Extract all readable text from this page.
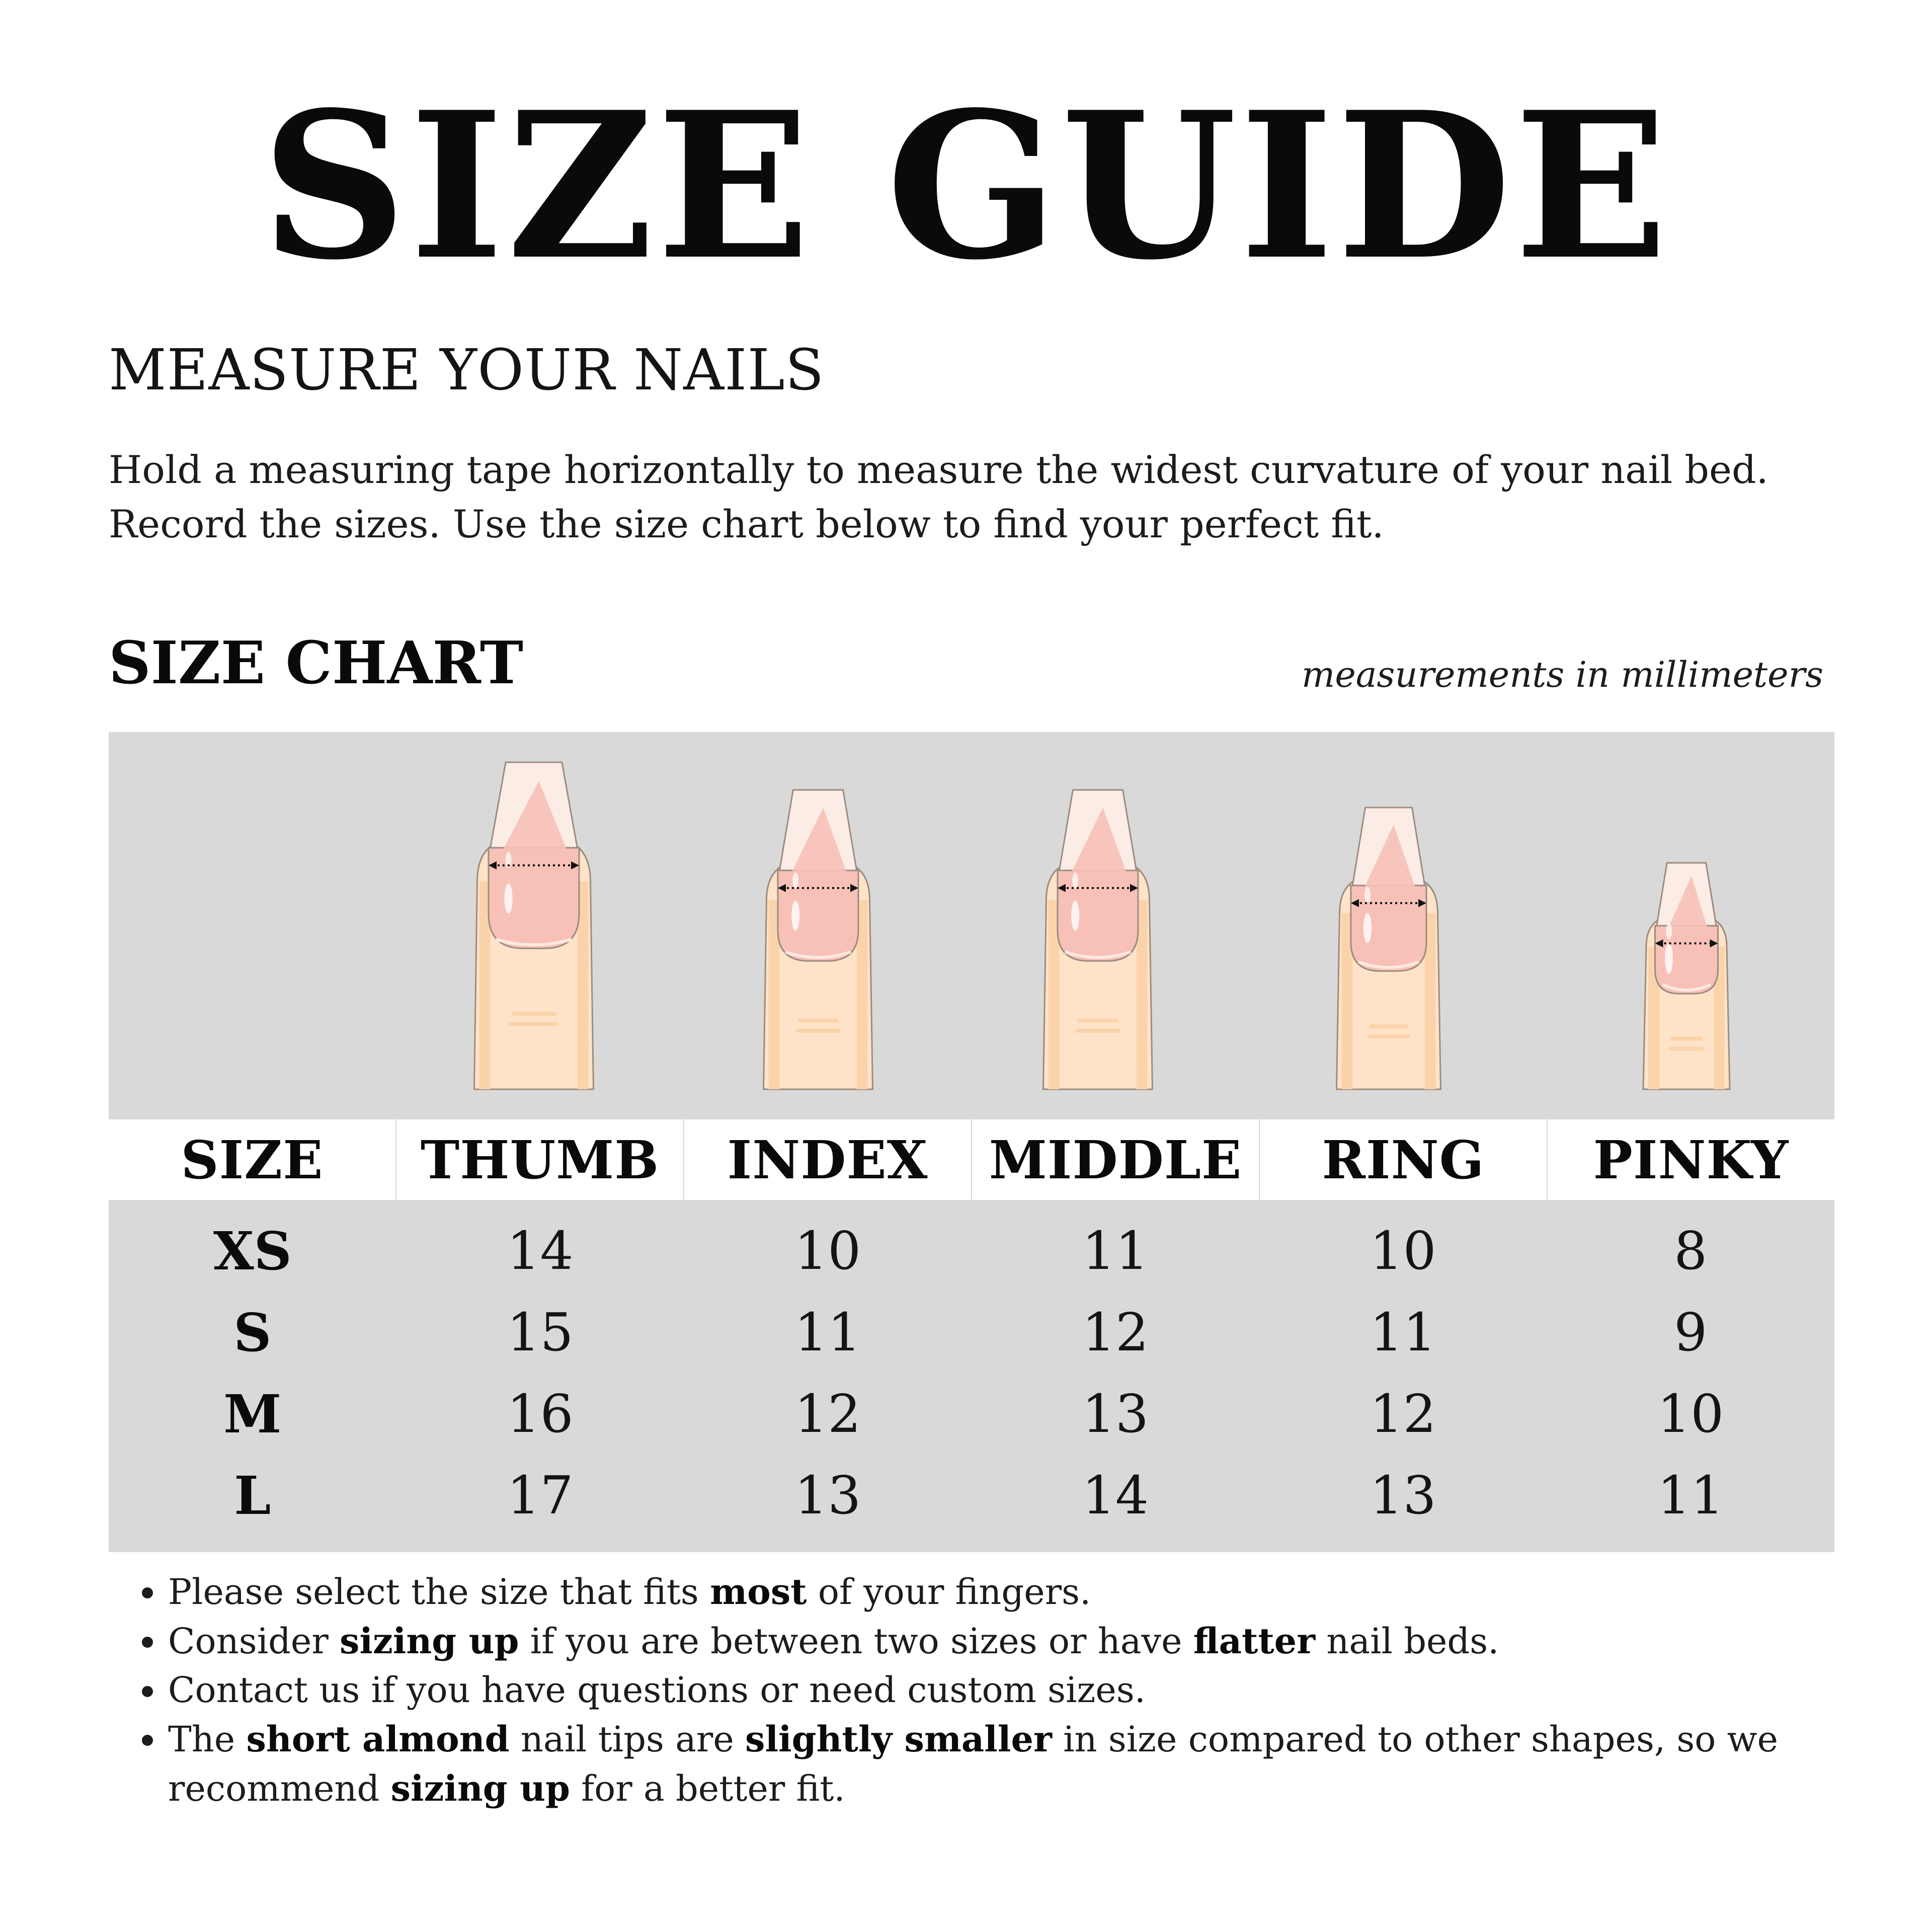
SIZE GUIDE
MEASURE YOUR NAILS

Hold a measuring tape horizontally to measure the widest curvature of your nail bed.

Record the sizes. Use the size chart below to find your perfect fit.

SIZE CHART	measurements in millimeters

SIZE	THUMB	INDEX	MIDDLE	RING	PINKY
XS	14	10	11	10	8
S	15	11	12	11	9
M	16	12	13	12	10
L	17	13	14	13	11
Please select the size that fits most of your fingers.
Consider sizing up if you are between two sizes or have flatter nail beds.
Contact us if you have questions or need custom sizes.
The short almond nail tips are slightly smaller in size compared to other shapes, so we recommend sizing up for a better fit.
